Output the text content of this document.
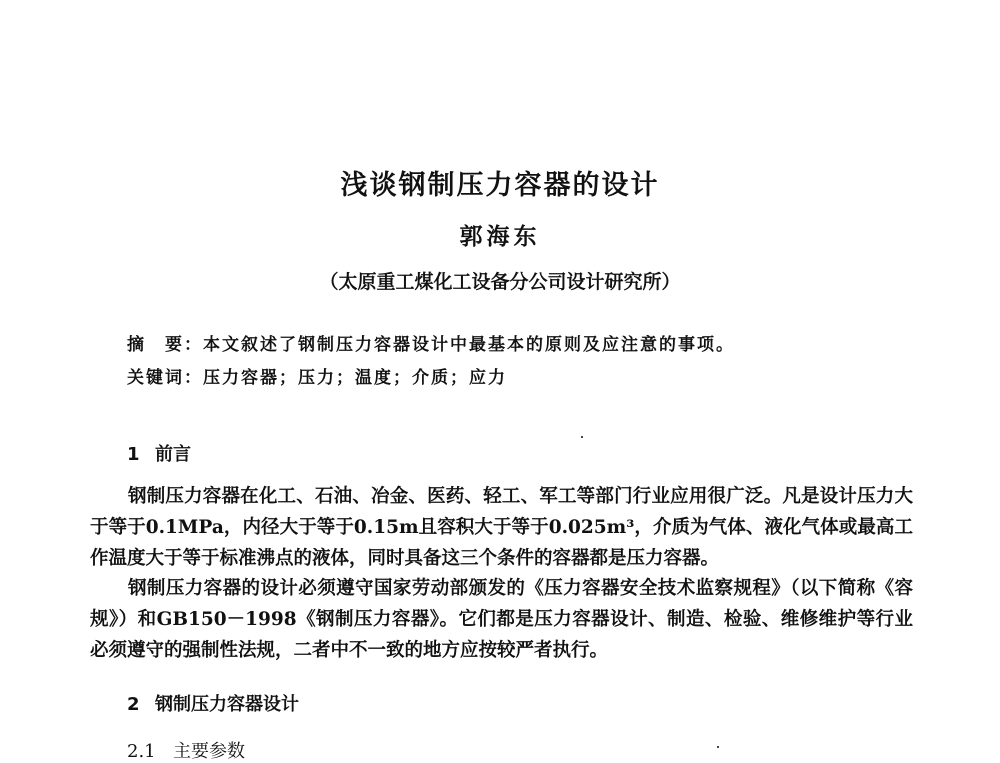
浅谈钢制压力容器的设计
郭海东
（太原重工煤化工设备分公司设计研究所）
摘　要：本文叙述了钢制压力容器设计中最基本的原则及应注意的事项。
关键词：压力容器；压力；温度；介质；应力
1 前言
钢制压力容器在化工、石油、冶金、医药、轻工、军工等部门行业应用很广泛。凡是设计压力大于等于0.1MPa，内径大于等于0.15m且容积大于等于0.025m³，介质为气体、液化气体或最高工作温度大于等于标准沸点的液体，同时具备这三个条件的容器都是压力容器。
钢制压力容器的设计必须遵守国家劳动部颁发的《压力容器安全技术监察规程》（以下简称《容规》）和GB150－1998《钢制压力容器》。它们都是压力容器设计、制造、检验、维修维护等行业必须遵守的强制性法规，二者中不一致的地方应按较严者执行。
2 钢制压力容器设计
2.1 主要参数
